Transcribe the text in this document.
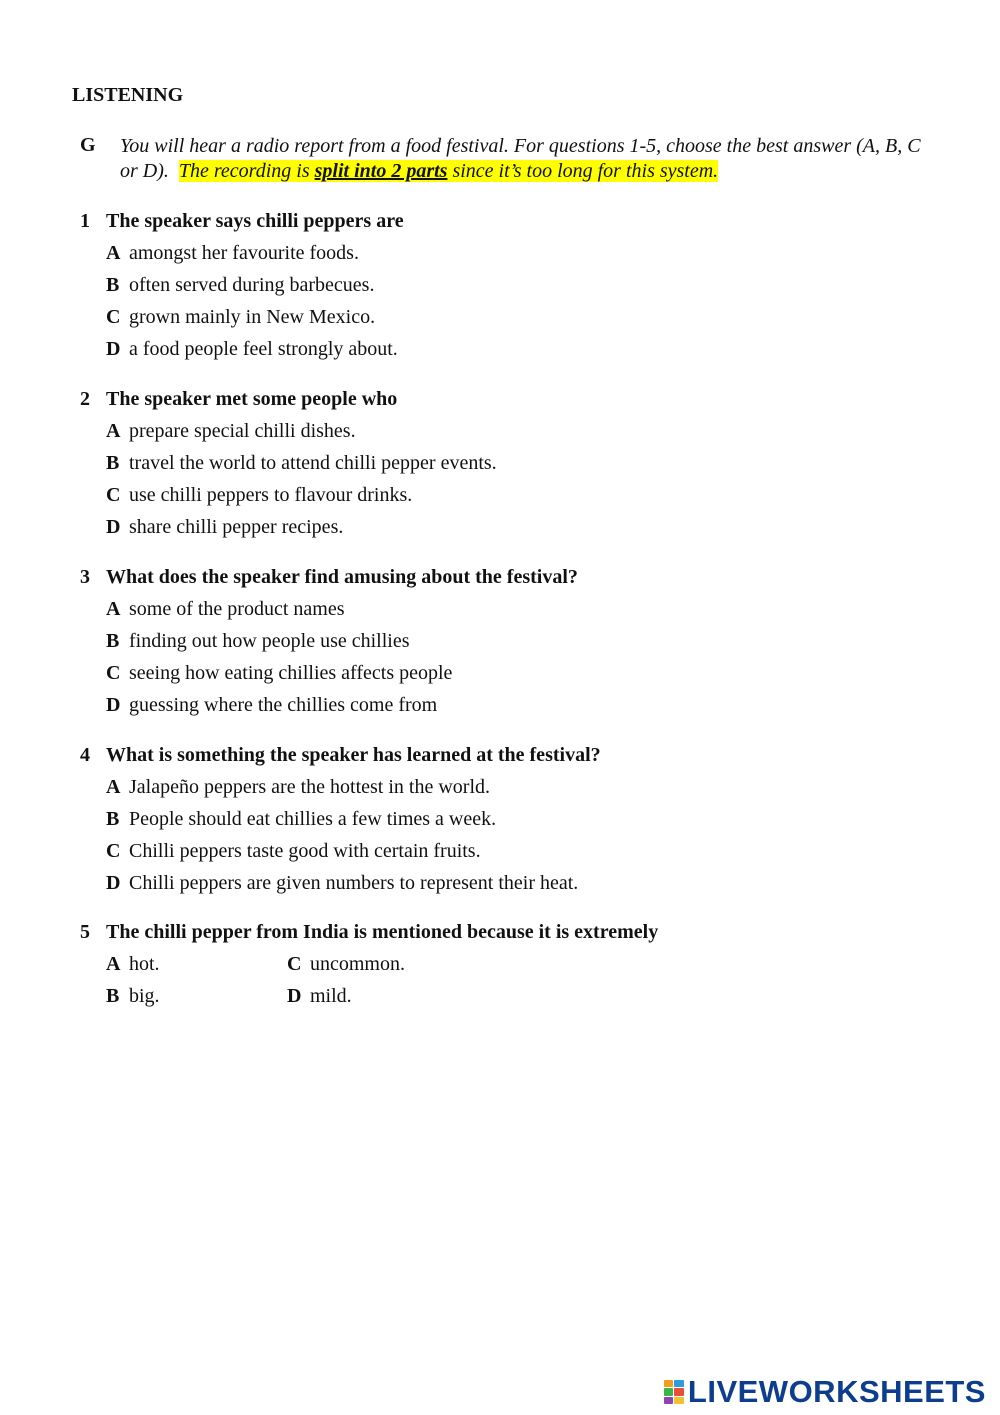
LISTENING
G You will hear a radio report from a food festival. For questions 1-5, choose the best answer (A, B, C or D). The recording is split into 2 parts since it’s too long for this system.
1 The speaker says chilli peppers are
A amongst her favourite foods.
B often served during barbecues.
C grown mainly in New Mexico.
D a food people feel strongly about.
2 The speaker met some people who
A prepare special chilli dishes.
B travel the world to attend chilli pepper events.
C use chilli peppers to flavour drinks.
D share chilli pepper recipes.
3 What does the speaker find amusing about the festival?
A some of the product names
B finding out how people use chillies
C seeing how eating chillies affects people
D guessing where the chillies come from
4 What is something the speaker has learned at the festival?
A Jalapeño peppers are the hottest in the world.
B People should eat chillies a few times a week.
C Chilli peppers taste good with certain fruits.
D Chilli peppers are given numbers to represent their heat.
5 The chilli pepper from India is mentioned because it is extremely
A hot.	C uncommon.
B big.	D mild.
LIVEWORKSHEETS
